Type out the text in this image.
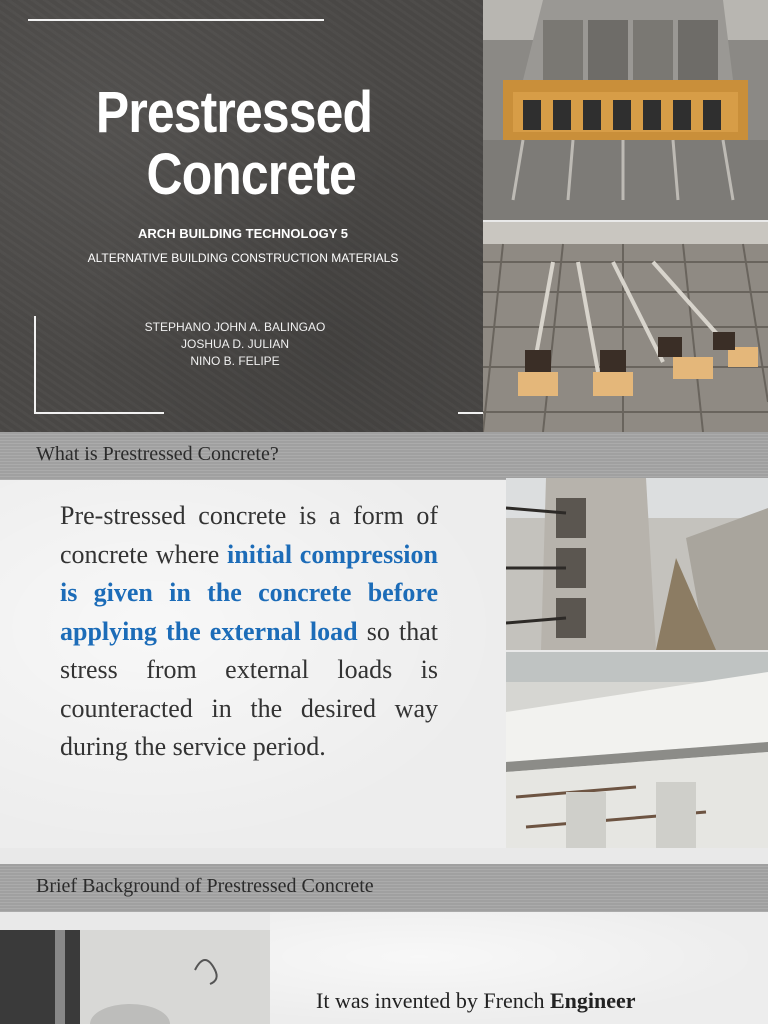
Prestressed
Concrete
ARCH BUILDING TECHNOLOGY 5
ALTERNATIVE BUILDING CONSTRUCTION MATERIALS
STEPHANO JOHN A. BALINGAO
JOSHUA D. JULIAN
NINO B. FELIPE
What is Prestressed Concrete?

Pre-stressed concrete is a form of concrete where initial compression is given in the concrete before applying the external load so that stress from external loads is counteracted in the desired way during the service period.

Brief Background of Prestressed Concrete

It was invented by French Engineer
